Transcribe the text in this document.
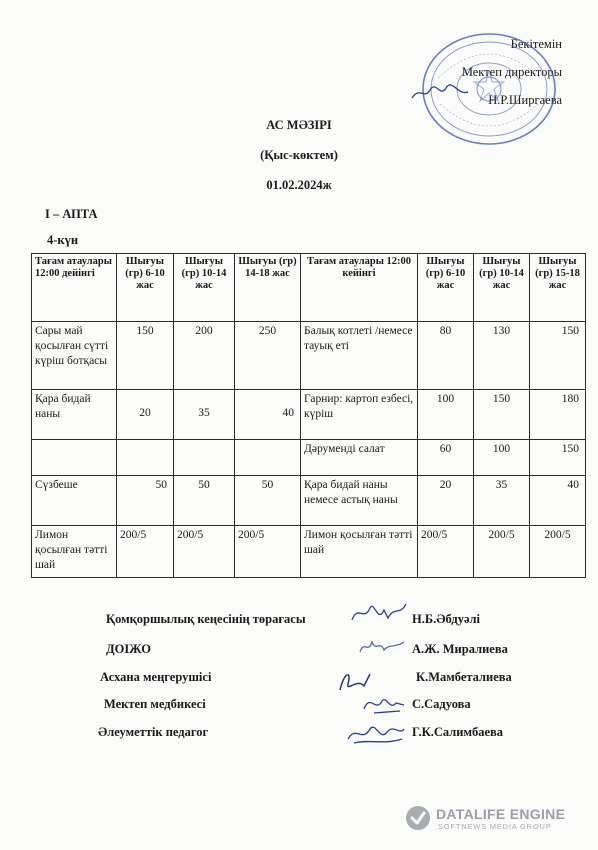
Бекітемін
Мектеп директоры
Н.Р.Ширгаева
АС МӘЗІРІ
(Қыс-көктем)
01.02.2024ж
І – АПТА
4-күн
Тағам атаулары 12:00 дейінгі	Шығуы (гр) 6-10 жас	Шығуы (гр) 10-14 жас	Шығуы (гр) 14-18 жас	Тағам атаулары 12:00 кейінгі	Шығуы (гр) 6-10 жас	Шығуы (гр) 10-14 жас	Шығуы (гр) 15-18 жас
Сары май қосылған сүтті күріш ботқасы	150	200	250	Балық котлеті /немесе тауық еті	80	130	150
Қара бидай наны	20	35	40	Гарнир: картоп езбесі, күріш	100	150	180
				Дәрумендi салат	60	100	150
Сүзбеше	50	50	50	Қара бидай наны немесе астық наны	20	35	40
Лимон қосылған тәтті шай	200/5	200/5	200/5	Лимон қосылған тәтті шай	200/5	200/5	200/5
Қомқоршылық кеңесінің төрағасы	Н.Б.Әбдуәлі
ДОІЖО	А.Ж. Миралиева
Асхана меңгерушісі	К.Мамбеталиева
Мектеп медбикесі	С.Садуова
Әлеуметтік педагог	Г.К.Салимбаева
DATALIFE ENGINE
SOFTNEWS MEDIA GROUP
